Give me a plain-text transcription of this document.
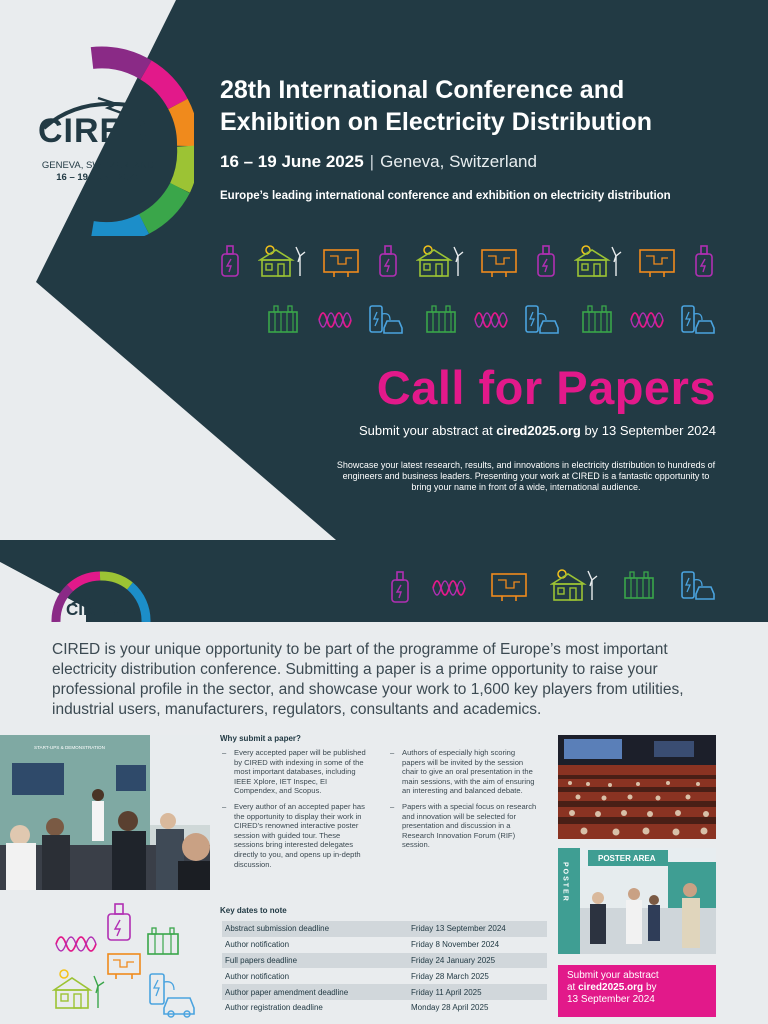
CIRED
GENEVA, SWITZERLAND
16 – 19 JUNE 2025
28th International Conference and
Exhibition on Electricity Distribution
16 – 19 June 2025 | Geneva, Switzerland
Europe’s leading international conference and exhibition on electricity distribution
Call for Papers
Submit your abstract at cired2025.org by 13 September 2024
Showcase your latest research, results, and innovations in electricity distribution to hundreds of engineers and business leaders. Presenting your work at CIRED is a fantastic opportunity to bring your name in front of a wide, international audience.
CIRED
CIRED is your unique opportunity to be part of the programme of Europe’s most important electricity distribution conference. Submitting a paper is a prime opportunity to raise your professional profile in the sector, and showcase your work to 1,600 key players from utilities, industrial users, manufacturers, regulators, consultants and academics.
START-UPS & DEMONSTRATION
Why submit a paper?
– Every accepted paper will be published by CIRED with indexing in some of the most important databases, including IEEE Xplore, IET Inspec, EI Compendex, and Scopus.
– Every author of an accepted paper has the opportunity to display their work in CIRED’s renowned interactive poster session with guided tour. These sessions bring interested delegates directly to you, and opens up in-depth discussion.
– Authors of especially high scoring papers will be invited by the session chair to give an oral presentation in the main sessions, with the aim of ensuring an interesting and balanced debate.
– Papers with a special focus on research and innovation will be selected for presentation and discussion in a Research Innovation Forum (RIF) session.
Key dates to note
Abstract submission deadline	Friday 13 September 2024
Author notification	Friday 8 November 2024
Full papers deadline	Friday 24 January 2025
Author notification	Friday 28 March 2025
Author paper amendment deadline	Friday 11 April 2025
Author registration deadline	Monday 28 April 2025
POSTER AREA
POSTER
Submit your abstract
at cired2025.org by
13 September 2024
